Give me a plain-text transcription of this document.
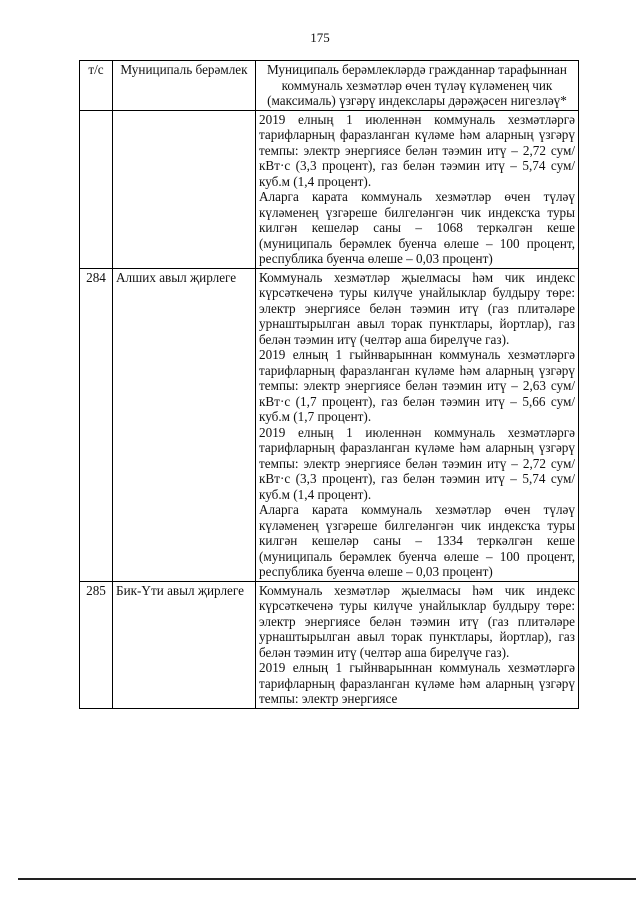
175
т/с	Муниципаль берәмлек	Муниципаль берәмлекләрдә гражданнар тарафыннан коммуналь хезмәтләр өчен түләү күләменең чик (максималь) үзгәрү индекслары дәрәҗәсен нигезләү*

		2019 елның 1 июленнән коммуналь хезмәтләргә тарифларның фаразланган күләме һәм аларның үзгәрү темпы: электр энергиясе белән тәэмин итү – 2,72 сум/кВт·с (3,3 процент), газ белән тәэмин итү – 5,74 сум/куб.м (1,4 процент).

Аларга карата коммуналь хезмәтләр өчен түләү күләменең үзгәреше билгеләнгән чик индексҡа туры килгән кешеләр саны – 1068 теркәлгән кеше (муниципаль берәмлек буенча өлеше – 100 процент, республика буенча өлеше – 0,03 процент)

284	Алших авыл җирлеге	Коммуналь хезмәтләр җыелмасы һәм чик индекс күрсәткеченә туры килүче унайлыклар булдыру төре: электр энергиясе белән тәэмин итү (газ плитәләре урнаштырылган авыл торак пунктлары, йортлар), газ белән тәэмин итү (челтәр аша бирелүче газ).

2019 елның 1 гыйнварыннан коммуналь хезмәтләргә тарифларның фаразланган күләме һәм аларның үзгәрү темпы: электр энергиясе белән тәэмин итү – 2,63 сум/кВт·с (1,7 процент), газ белән тәэмин итү – 5,66 сум/куб.м (1,7 процент).

2019 елның 1 июленнән коммуналь хезмәтләргә тарифларның фаразланган күләме һәм аларның үзгәрү темпы: электр энергиясе белән тәэмин итү – 2,72 сум/кВт·с (3,3 процент), газ белән тәэмин итү – 5,74 сум/куб.м (1,4 процент).

Аларга карата коммуналь хезмәтләр өчен түләү күләменең үзгәреше билгеләнгән чик индексҡа туры килгән кешеләр саны – 1334 теркәлгән кеше (муниципаль берәмлек буенча өлеше – 100 процент, республика буенча өлеше – 0,03 процент)

285	Бик-Үти авыл җирлеге	Коммуналь хезмәтләр җыелмасы һәм чик индекс күрсәткеченә туры килүче унайлыклар булдыру төре: электр энергиясе белән тәэмин итү (газ плитәләре урнаштырылган авыл торак пунктлары, йортлар), газ белән тәэмин итү (челтәр аша бирелүче газ).

2019 елның 1 гыйнварыннан коммуналь хезмәтләргә тарифларның фаразланган күләме һәм аларның үзгәрү темпы: электр энергиясе
